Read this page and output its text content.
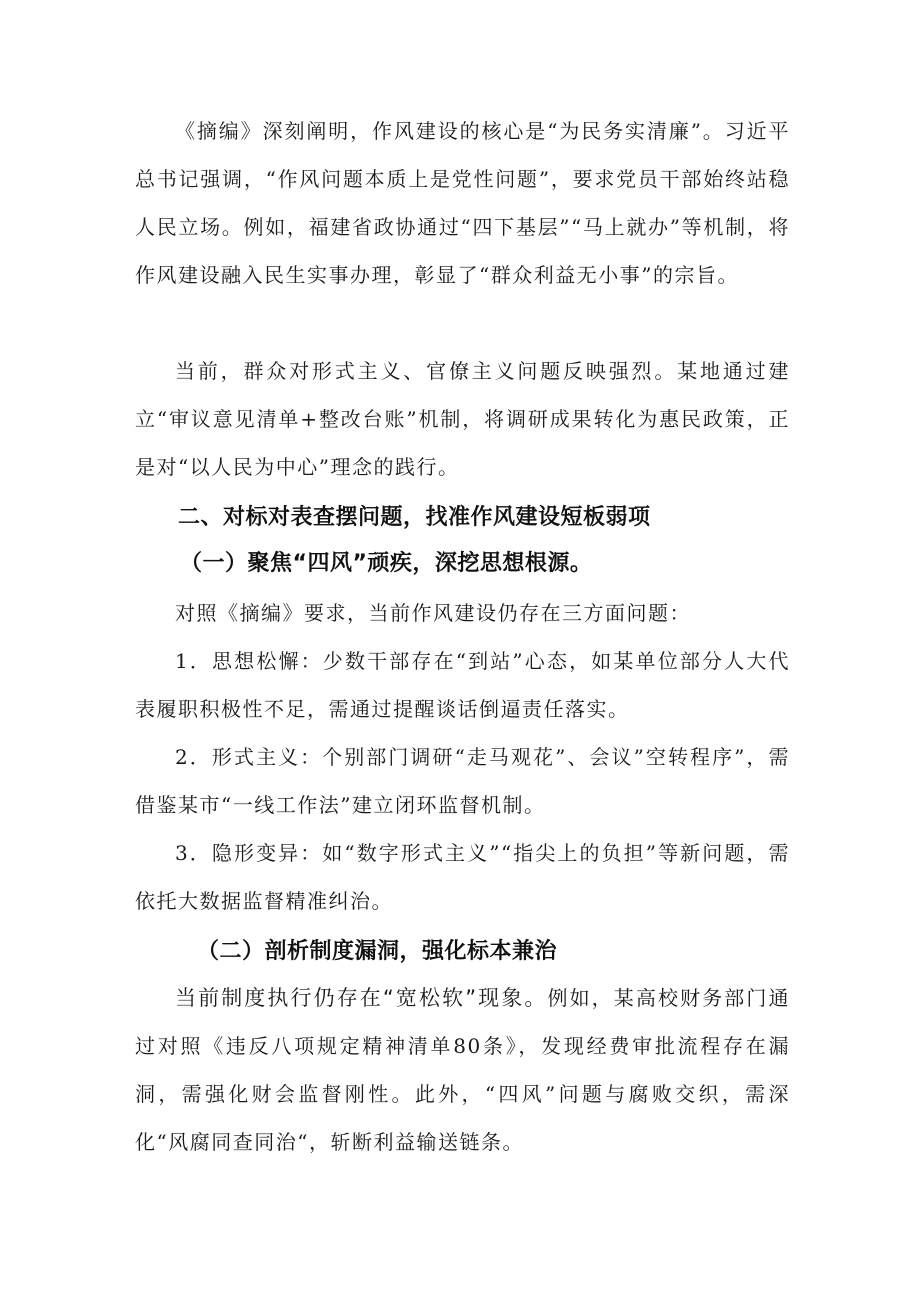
《摘编》深刻阐明，作风建设的核心是“为民务实清廉”。习近平总书记强调，“作风问题本质上是党性问题”，要求党员干部始终站稳人民立场。例如，福建省政协通过“四下基层”“马上就办”等机制，将作风建设融入民生实事办理，彰显了“群众利益无小事”的宗旨。

当前，群众对形式主义、官僚主义问题反映强烈。某地通过建立“审议意见清单+整改台账”机制，将调研成果转化为惠民政策，正是对“以人民为中心”理念的践行。

二、对标对表查摆问题，找准作风建设短板弱项
（一）聚焦“四风”顽疾，深挖思想根源。

对照《摘编》要求，当前作风建设仍存在三方面问题：

1．思想松懈：少数干部存在“到站”心态，如某单位部分人大代表履职积极性不足，需通过提醒谈话倒逼责任落实。

2．形式主义：个别部门调研“走马观花”、会议”空转程序”，需借鉴某市“一线工作法”建立闭环监督机制。

3．隐形变异：如“数字形式主义”“指尖上的负担”等新问题，需依托大数据监督精准纠治。

（二）剖析制度漏洞，强化标本兼治

当前制度执行仍存在“宽松软”现象。例如，某高校财务部门通过对照《违反八项规定精神清单80条》，发现经费审批流程存在漏洞，需强化财会监督刚性。此外，“四风”问题与腐败交织，需深化“风腐同查同治“，斩断利益输送链条。
